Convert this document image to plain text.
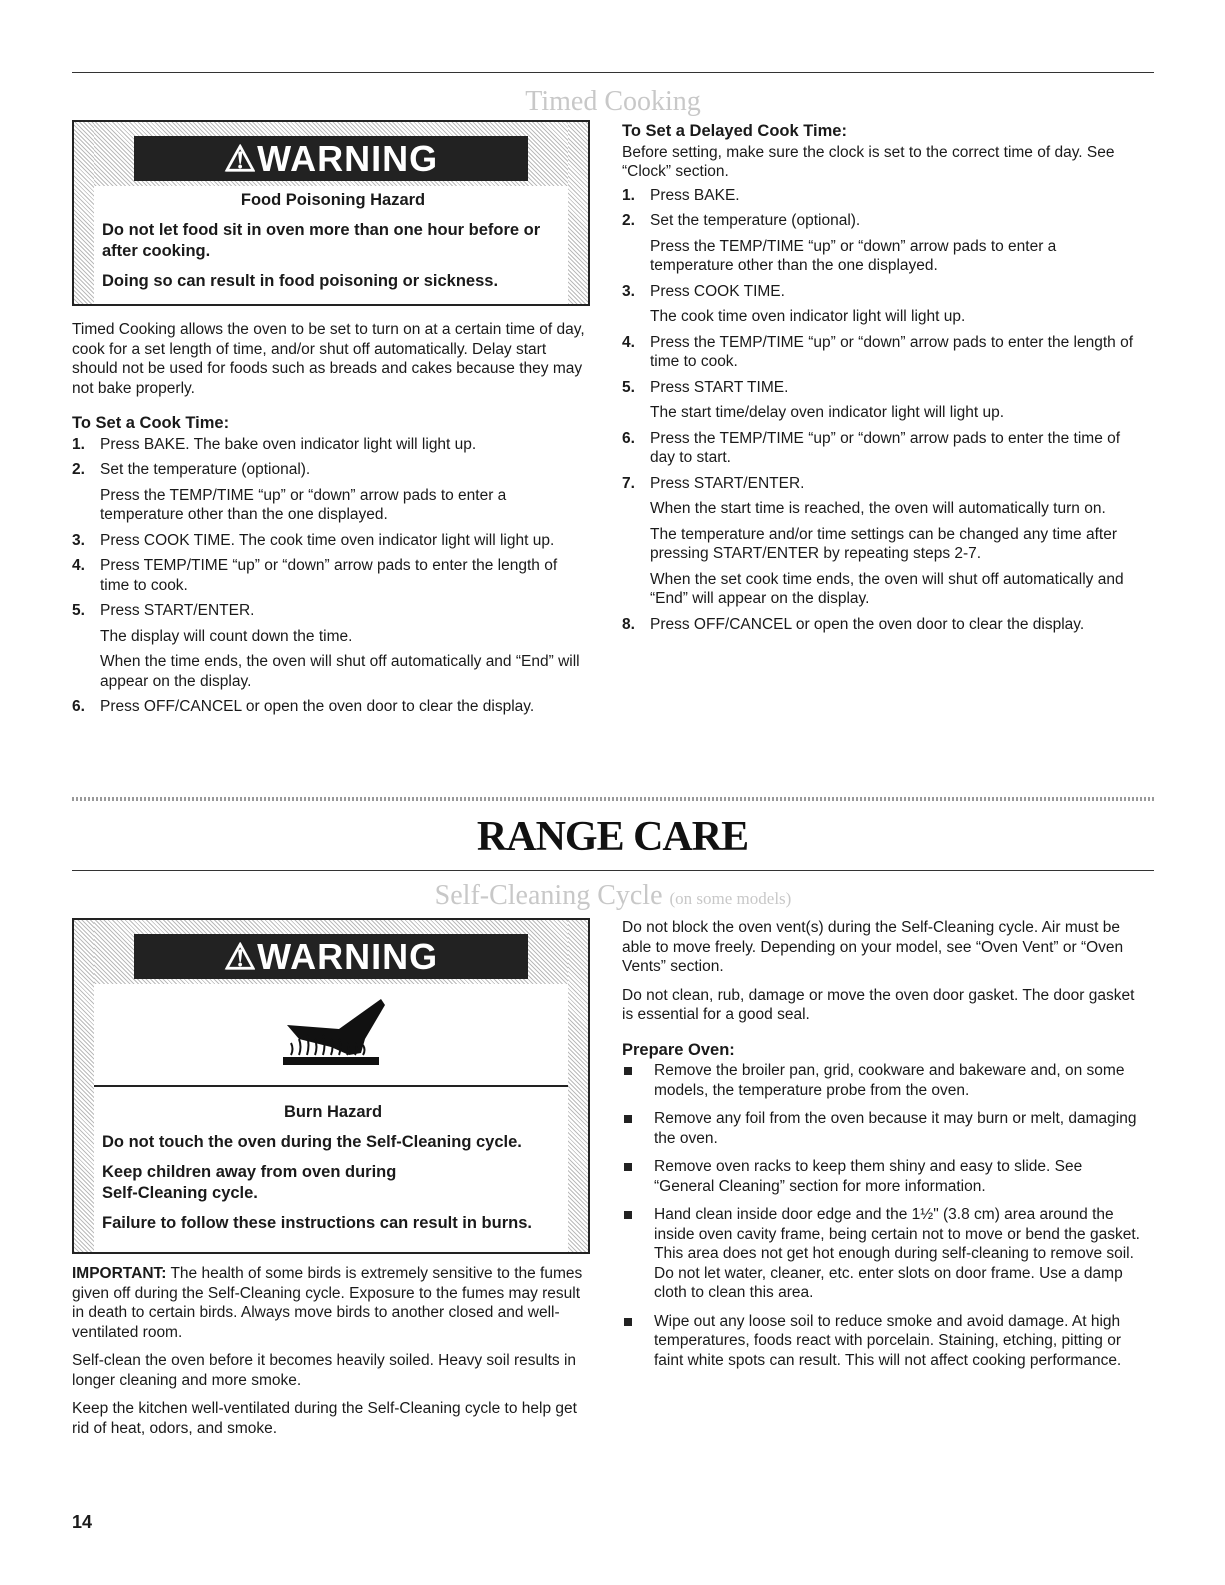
Timed Cooking
⚠WARNING

Food Poisoning Hazard

Do not let food sit in oven more than one hour before or after cooking.

Doing so can result in food poisoning or sickness.

Timed Cooking allows the oven to be set to turn on at a certain time of day, cook for a set length of time, and/or shut off automatically. Delay start should not be used for foods such as breads and cakes because they may not bake properly.

To Set a Cook Time:
1. Press BAKE. The bake oven indicator light will light up.
2. Set the temperature (optional).
Press the TEMP/TIME “up” or “down” arrow pads to enter a temperature other than the one displayed.
3. Press COOK TIME. The cook time oven indicator light will light up.
4. Press TEMP/TIME “up” or “down” arrow pads to enter the length of time to cook.
5. Press START/ENTER.
The display will count down the time.
When the time ends, the oven will shut off automatically and “End” will appear on the display.
6. Press OFF/CANCEL or open the oven door to clear the display.
To Set a Delayed Cook Time:

Before setting, make sure the clock is set to the correct time of day. See “Clock” section.

1. Press BAKE.
2. Set the temperature (optional).
Press the TEMP/TIME “up” or “down” arrow pads to enter a temperature other than the one displayed.
3. Press COOK TIME.
The cook time oven indicator light will light up.
4. Press the TEMP/TIME “up” or “down” arrow pads to enter the length of time to cook.
5. Press START TIME.
The start time/delay oven indicator light will light up.
6. Press the TEMP/TIME “up” or “down” arrow pads to enter the time of day to start.
7. Press START/ENTER.
When the start time is reached, the oven will automatically turn on.
The temperature and/or time settings can be changed any time after pressing START/ENTER by repeating steps 2-7.
When the set cook time ends, the oven will shut off automatically and “End” will appear on the display.
8. Press OFF/CANCEL or open the oven door to clear the display.
RANGE CARE
Self-Cleaning Cycle (on some models)
⚠WARNING

Burn Hazard

Do not touch the oven during the Self-Cleaning cycle.

Keep children away from oven during Self-Cleaning cycle.

Failure to follow these instructions can result in burns.

IMPORTANT: The health of some birds is extremely sensitive to the fumes given off during the Self-Cleaning cycle. Exposure to the fumes may result in death to certain birds. Always move birds to another closed and well-ventilated room.

Self-clean the oven before it becomes heavily soiled. Heavy soil results in longer cleaning and more smoke.

Keep the kitchen well-ventilated during the Self-Cleaning cycle to help get rid of heat, odors, and smoke.

Do not block the oven vent(s) during the Self-Cleaning cycle. Air must be able to move freely. Depending on your model, see “Oven Vent” or “Oven Vents” section.

Do not clean, rub, damage or move the oven door gasket. The door gasket is essential for a good seal.

Prepare Oven:
Remove the broiler pan, grid, cookware and bakeware and, on some models, the temperature probe from the oven.
Remove any foil from the oven because it may burn or melt, damaging the oven.
Remove oven racks to keep them shiny and easy to slide. See “General Cleaning” section for more information.
Hand clean inside door edge and the 1½" (3.8 cm) area around the inside oven cavity frame, being certain not to move or bend the gasket. This area does not get hot enough during self-cleaning to remove soil. Do not let water, cleaner, etc. enter slots on door frame. Use a damp cloth to clean this area.
Wipe out any loose soil to reduce smoke and avoid damage. At high temperatures, foods react with porcelain. Staining, etching, pitting or faint white spots can result. This will not affect cooking performance.
14
